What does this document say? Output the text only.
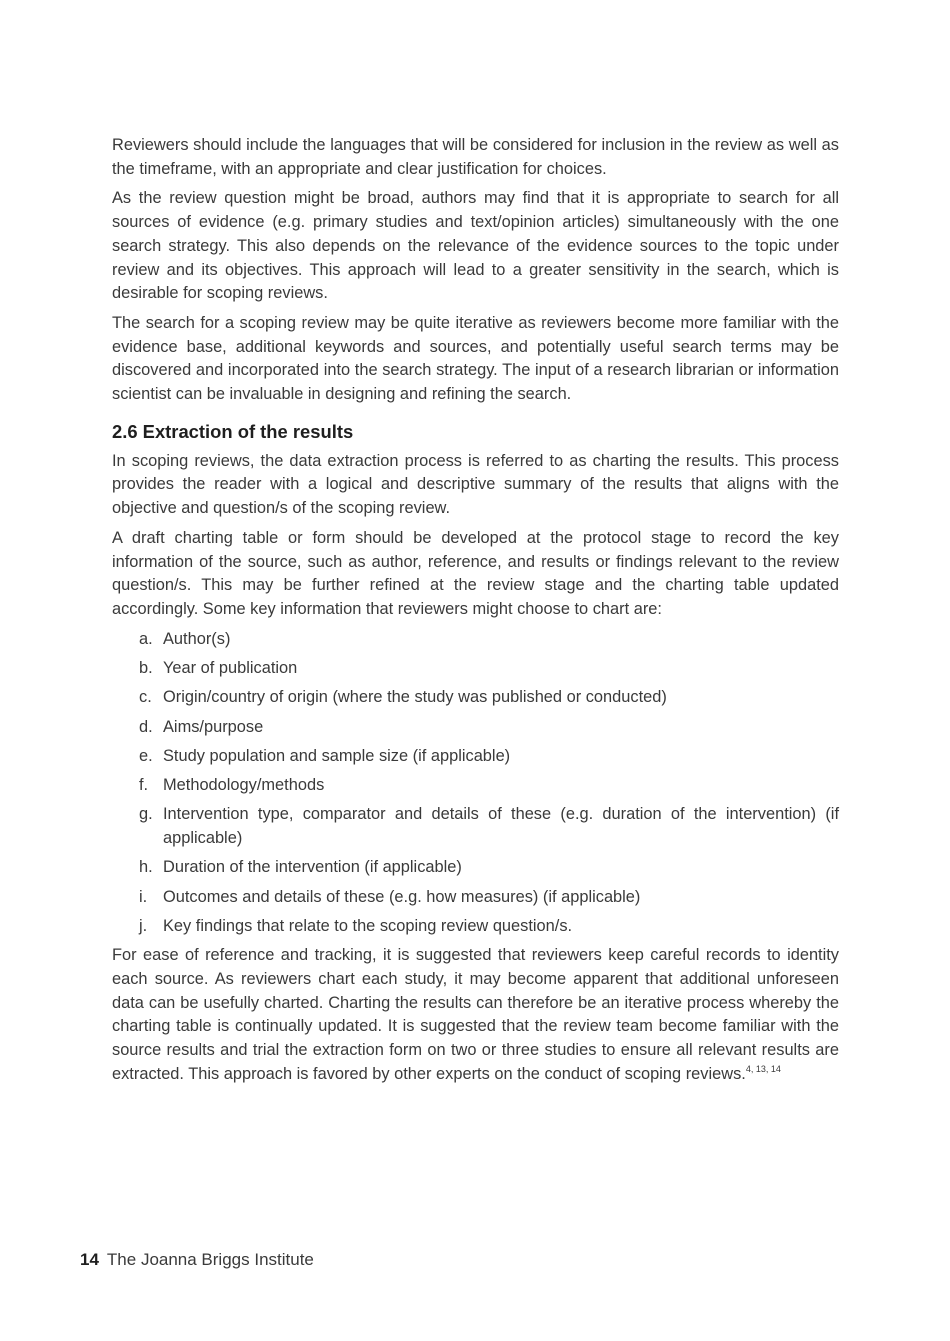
Reviewers should include the languages that will be considered for inclusion in the review as well as the timeframe, with an appropriate and clear justification for choices.

As the review question might be broad, authors may find that it is appropriate to search for all sources of evidence (e.g. primary studies and text/opinion articles) simultaneously with the one search strategy. This also depends on the relevance of the evidence sources to the topic under review and its objectives. This approach will lead to a greater sensitivity in the search, which is desirable for scoping reviews.

The search for a scoping review may be quite iterative as reviewers become more familiar with the evidence base, additional keywords and sources, and potentially useful search terms may be discovered and incorporated into the search strategy. The input of a research librarian or information scientist can be invaluable in designing and refining the search.

2.6 Extraction of the results

In scoping reviews, the data extraction process is referred to as charting the results. This process provides the reader with a logical and descriptive summary of the results that aligns with the objective and question/s of the scoping review.

A draft charting table or form should be developed at the protocol stage to record the key information of the source, such as author, reference, and results or findings relevant to the review question/s. This may be further refined at the review stage and the charting table updated accordingly. Some key information that reviewers might choose to chart are:

a. Author(s)
b. Year of publication
c. Origin/country of origin (where the study was published or conducted)
d. Aims/purpose
e. Study population and sample size (if applicable)
f. Methodology/methods
g. Intervention type, comparator and details of these (e.g. duration of the intervention) (if applicable)
h. Duration of the intervention (if applicable)
i. Outcomes and details of these (e.g. how measures) (if applicable)
j. Key findings that relate to the scoping review question/s.

For ease of reference and tracking, it is suggested that reviewers keep careful records to identity each source. As reviewers chart each study, it may become apparent that additional unforeseen data can be usefully charted. Charting the results can therefore be an iterative process whereby the charting table is continually updated. It is suggested that the review team become familiar with the source results and trial the extraction form on two or three studies to ensure all relevant results are extracted. This approach is favored by other experts on the conduct of scoping reviews.$^{4, 13, 14}$

14 The Joanna Briggs Institute
